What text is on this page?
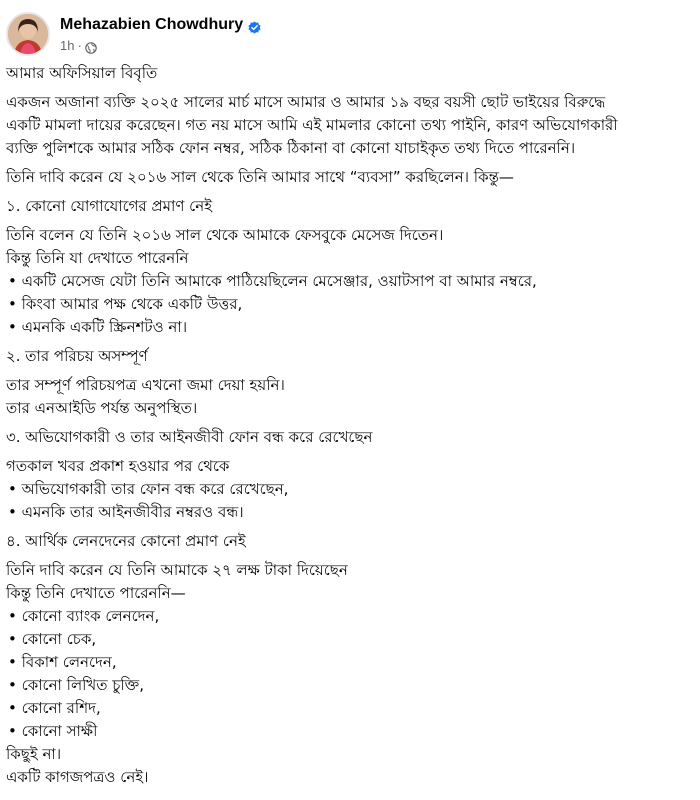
Mehazabien Chowdhury
1h ·

আমার অফিসিয়াল বিবৃতি

একজন অজানা ব্যক্তি ২০২৫ সালের মার্চ মাসে আমার ও আমার ১৯ বছর বয়সী ছোট ভাইয়ের বিরুদ্ধে
একটি মামলা দায়ের করেছেন। গত নয় মাসে আমি এই মামলার কোনো তথ্য পাইনি, কারণ অভিযোগকারী
ব্যক্তি পুলিশকে আমার সঠিক ফোন নম্বর, সঠিক ঠিকানা বা কোনো যাচাইকৃত তথ্য দিতে পারেননি।

তিনি দাবি করেন যে ২০১৬ সাল থেকে তিনি আমার সাথে “ব্যবসা” করছিলেন। কিন্তু—

১. কোনো যোগাযোগের প্রমাণ নেই

তিনি বলেন যে তিনি ২০১৬ সাল থেকে আমাকে ফেসবুকে মেসেজ দিতেন।
কিন্তু তিনি যা দেখাতে পারেননি
• একটি মেসেজ যেটা তিনি আমাকে পাঠিয়েছিলেন মেসেঞ্জার, ওয়াটসাপ বা আমার নম্বরে,
• কিংবা আমার পক্ষ থেকে একটি উত্তর,
• এমনকি একটি স্ক্রিনশটও না।

২. তার পরিচয় অসম্পূর্ণ

তার সম্পূর্ণ পরিচয়পত্র এখনো জমা দেয়া হয়নি।
তার এনআইডি পর্যন্ত অনুপস্থিত।

৩. অভিযোগকারী ও তার আইনজীবী ফোন বন্ধ করে রেখেছেন

গতকাল খবর প্রকাশ হওয়ার পর থেকে
• অভিযোগকারী তার ফোন বন্ধ করে রেখেছেন,
• এমনকি তার আইনজীবীর নম্বরও বন্ধ।

৪. আর্থিক লেনদেনের কোনো প্রমাণ নেই

তিনি দাবি করেন যে তিনি আমাকে ২৭ লক্ষ টাকা দিয়েছেন
কিন্তু তিনি দেখাতে পারেননি—
• কোনো ব্যাংক লেনদেন,
• কোনো চেক,
• বিকাশ লেনদেন,
• কোনো লিখিত চুক্তি,
• কোনো রশিদ,
• কোনো সাক্ষী
কিছুই না।
একটি কাগজপত্রও নেই।
